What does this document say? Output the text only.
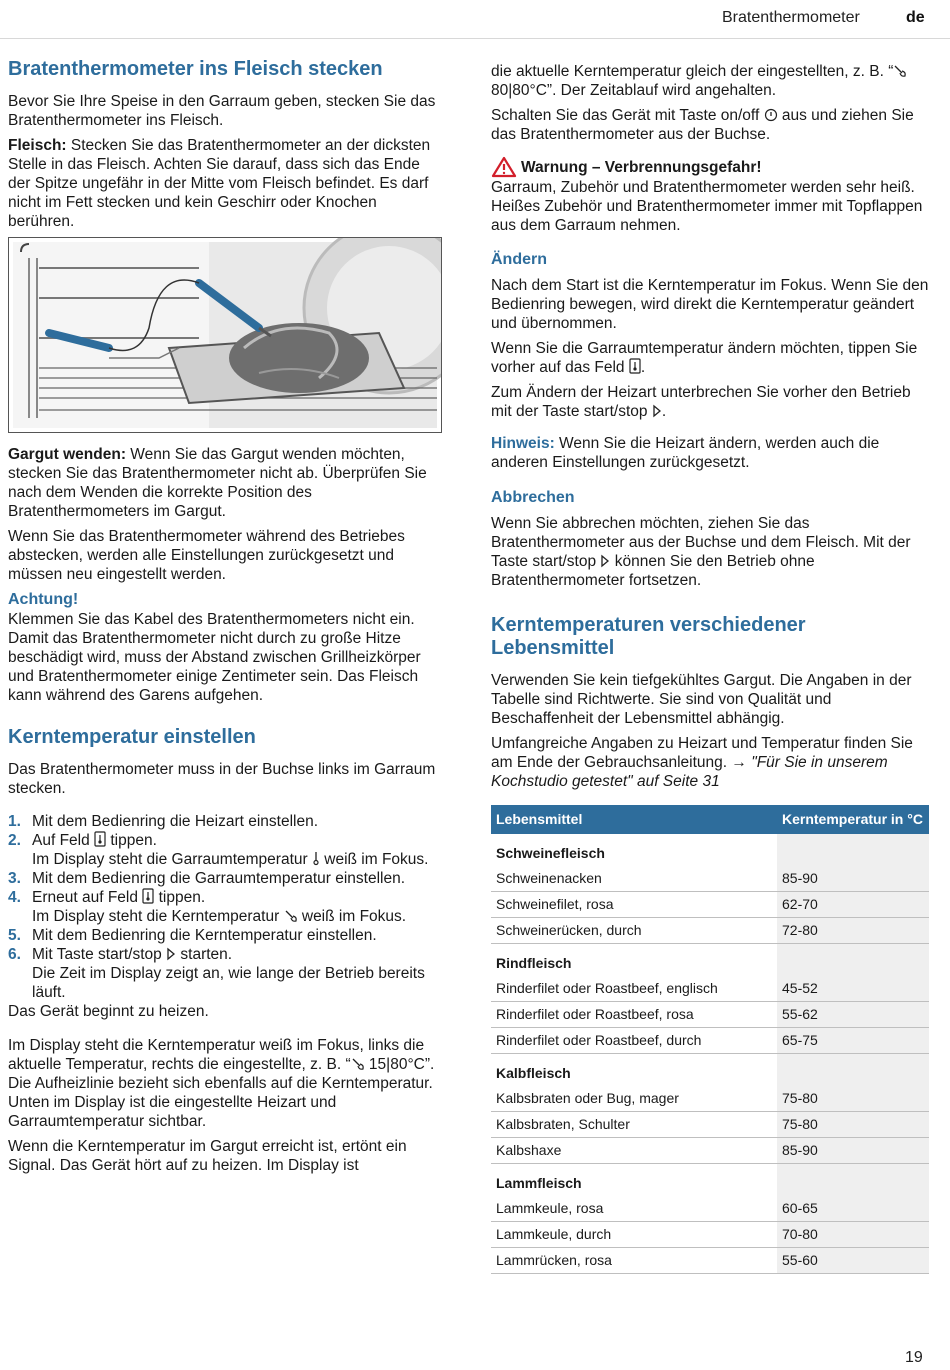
Bratenthermometer	de
Bratenthermometer ins Fleisch stecken

Bevor Sie Ihre Speise in den Garraum geben, stecken Sie das Bratenthermometer ins Fleisch.

Fleisch: Stecken Sie das Bratenthermometer an der dicksten Stelle in das Fleisch. Achten Sie darauf, dass sich das Ende der Spitze ungefähr in der Mitte vom Fleisch befindet. Es darf nicht im Fett stecken und kein Geschirr oder Knochen berühren.

Gargut wenden: Wenn Sie das Gargut wenden möchten, stecken Sie das Bratenthermometer nicht ab. Überprüfen Sie nach dem Wenden die korrekte Position des Bratenthermometers im Gargut.

Wenn Sie das Bratenthermometer während des Betriebes abstecken, werden alle Einstellungen zurückgesetzt und müssen neu eingestellt werden.

Achtung!

Klemmen Sie das Kabel des Bratenthermometers nicht ein.

Damit das Bratenthermometer nicht durch zu große Hitze beschädigt wird, muss der Abstand zwischen Grillheizkörper und Bratenthermometer einige Zentimeter sein. Das Fleisch kann während des Garens aufgehen.

Kerntemperatur einstellen

Das Bratenthermometer muss in der Buchse links im Garraum stecken.

1. Mit dem Bedienring die Heizart einstellen.
2. Auf Feld  tippen.
Im Display steht die Garraumtemperatur  weiß im Fokus.
3. Mit dem Bedienring die Garraumtemperatur einstellen.
4. Erneut auf Feld  tippen.
Im Display steht die Kerntemperatur  weiß im Fokus.
5. Mit dem Bedienring die Kerntemperatur einstellen.
6. Mit Taste start/stop  starten.
Die Zeit im Display zeigt an, wie lange der Betrieb bereits läuft.

Das Gerät beginnt zu heizen.

Im Display steht die Kerntemperatur weiß im Fokus, links die aktuelle Temperatur, rechts die eingestellte, z. B. “ 15|80°C”. Die Aufheizlinie bezieht sich ebenfalls auf die Kerntemperatur. Unten im Display ist die eingestellte Heizart und Garraumtemperatur sichtbar.

Wenn die Kerntemperatur im Gargut erreicht ist, ertönt ein Signal. Das Gerät hört auf zu heizen. Im Display ist

die aktuelle Kerntemperatur gleich der eingestellten, z. B. “ 80|80°C”. Der Zeitablauf wird angehalten.

Schalten Sie das Gerät mit Taste on/off  aus und ziehen Sie das Bratenthermometer aus der Buchse.

Warnung – Verbrennungsgefahr!

Garraum, Zubehör und Bratenthermometer werden sehr heiß. Heißes Zubehör und Bratenthermometer immer mit Topflappen aus dem Garraum nehmen.

Ändern

Nach dem Start ist die Kerntemperatur im Fokus. Wenn Sie den Bedienring bewegen, wird direkt die Kerntemperatur geändert und übernommen.

Wenn Sie die Garraumtemperatur ändern möchten, tippen Sie vorher auf das Feld .

Zum Ändern der Heizart unterbrechen Sie vorher den Betrieb mit der Taste start/stop .

Hinweis: Wenn Sie die Heizart ändern, werden auch die anderen Einstellungen zurückgesetzt.

Abbrechen

Wenn Sie abbrechen möchten, ziehen Sie das Bratenthermometer aus der Buchse und dem Fleisch. Mit der Taste start/stop  können Sie den Betrieb ohne Bratenthermometer fortsetzen.

Kerntemperaturen verschiedener Lebensmittel

Verwenden Sie kein tiefgekühltes Gargut. Die Angaben in der Tabelle sind Richtwerte. Sie sind von Qualität und Beschaffenheit der Lebensmittel abhängig.

Umfangreiche Angaben zu Heizart und Temperatur finden Sie am Ende der Gebrauchsanleitung. → "Für Sie in unserem Kochstudio getestet" auf Seite 31

Lebensmittel	Kerntemperatur in °C
Schweinefleisch	
Schweinenacken	85-90
Schweinefilet, rosa	62-70
Schweinerücken, durch	72-80
Rindfleisch	
Rinderfilet oder Roastbeef, englisch	45-52
Rinderfilet oder Roastbeef, rosa	55-62
Rinderfilet oder Roastbeef, durch	65-75
Kalbfleisch	
Kalbsbraten oder Bug, mager	75-80
Kalbsbraten, Schulter	75-80
Kalbshaxe	85-90
Lammfleisch	
Lammkeule, rosa	60-65
Lammkeule, durch	70-80
Lammrücken, rosa	55-60
19
